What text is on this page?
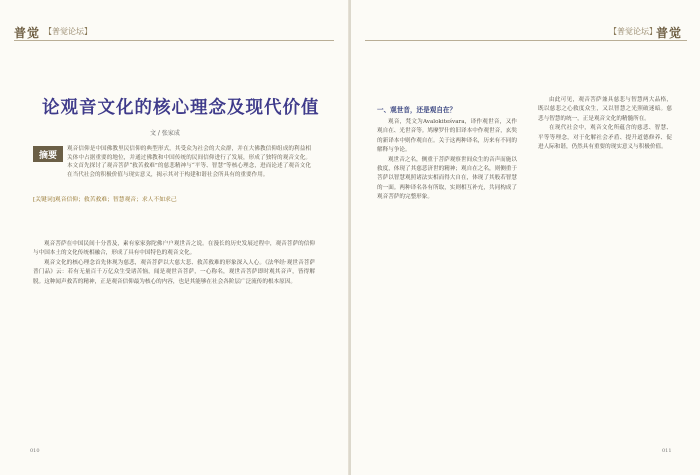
普觉 【普觉论坛】
论观音文化的核心理念及现代价值
文 / 张家成
摘要
观音信仰是中国佛教里民信仰的典型形式，其受众为社会的大众群，并在大佛教信仰组成的利益相关体中占据重要的地位，并通过佛教和中国传统的民间信仰进行了发展，形成了独特的观音文化。本文首先探讨了观音菩萨“救苦救难”的慈悲精神与“平等、智慧”等核心理念，进而论述了观音文化在当代社会的积极价值与现实意义，揭示其对于构建和谐社会所具有的重要作用。
[关键词]观音信仰；救苦救难；智慧观音；求人不如求己

观音菩萨在中国民间十分普及，素有家家弥陀佛户户观世音之说。在漫长的历史发展过程中，观音菩萨的信仰与中国本土的文化传统相融合，形成了具有中国特色的观音文化。

观音文化的核心理念首先体现为慈悲，观音菩萨以大慈大悲、救苦救难的形象深入人心。《法华经·观世音菩萨普门品》云：若有无量百千万亿众生受诸苦恼，闻是观世音菩萨，一心称名，观世音菩萨即时观其音声，皆得解脱。这种闻声救苦的精神，正是观音信仰最为核心的内容，也是其能够在社会各阶层广泛流传的根本原因。

010
【普觉论坛】 普觉
一、观世音，还是观自在？

观音，梵文为Avalokiteśvara，译作观世音，又作观自在、光世音等。鸠摩罗什的旧译本中作观世音，玄奘的新译本中则作观自在。关于这两种译名，历来有不同的解释与争论。

观世音之名，侧重于菩萨观察世间众生的音声而施以救度，体现了其慈悲济世的精神；观自在之名，则侧重于菩萨以智慧观照诸法实相而得大自在，体现了其般若智慧的一面。两种译名各有所取，实则相互补充，共同构成了观音菩萨的完整形象。

由此可见，观音菩萨兼具慈悲与智慧两大品格，既以慈悲之心救度众生，又以智慧之光照破迷暗。慈悲与智慧的统一，正是观音文化的精髓所在。

在现代社会中，观音文化所蕴含的慈悲、智慧、平等等理念，对于化解社会矛盾、提升道德修养、促进人际和谐，仍然具有重要的现实意义与积极价值。

011
